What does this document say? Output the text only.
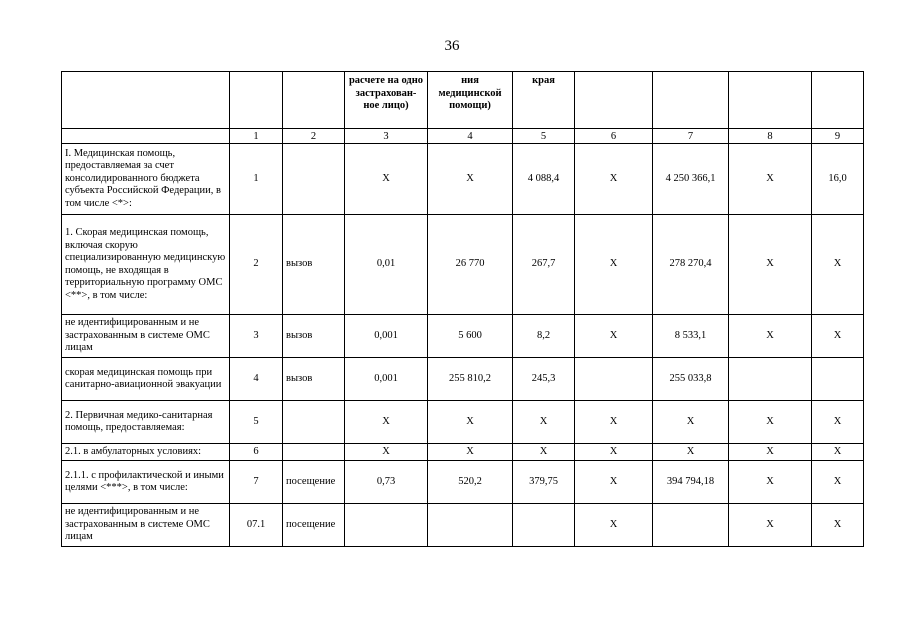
36
			расчете на одно застрахован-ное лицо)	ния медицинской помощи)	края				
	1	2	3	4	5	6	7	8	9
I. Медицинская помощь, предоставляемая за счет консолидированного бюджета субъекта Российской Федерации, в том числе <*>:	1		X	X	4 088,4	X	4 250 366,1	X	16,0
1. Скорая медицинская помощь, включая скорую специализированную медицинскую помощь, не входящая в территориальную программу ОМС <**>, в том числе:	2	вызов	0,01	26 770	267,7	X	278 270,4	X	X
не идентифицированным и не застрахованным в системе ОМС лицам	3	вызов	0,001	5 600	8,2	X	8 533,1	X	X
скорая медицинская помощь при санитарно-авиационной эвакуации	4	вызов	0,001	255 810,2	245,3		255 033,8		
2. Первичная медико-санитарная помощь, предоставляемая:	5		X	X	X	X	X	X	X
2.1. в амбулаторных условиях:	6		X	X	X	X	X	X	X
2.1.1. с профилактической и иными целями <***>, в том числе:	7	посещение	0,73	520,2	379,75	X	394 794,18	X	X
не идентифицированным и не застрахованным в системе ОМС лицам	07.1	посещение				X		X	X
